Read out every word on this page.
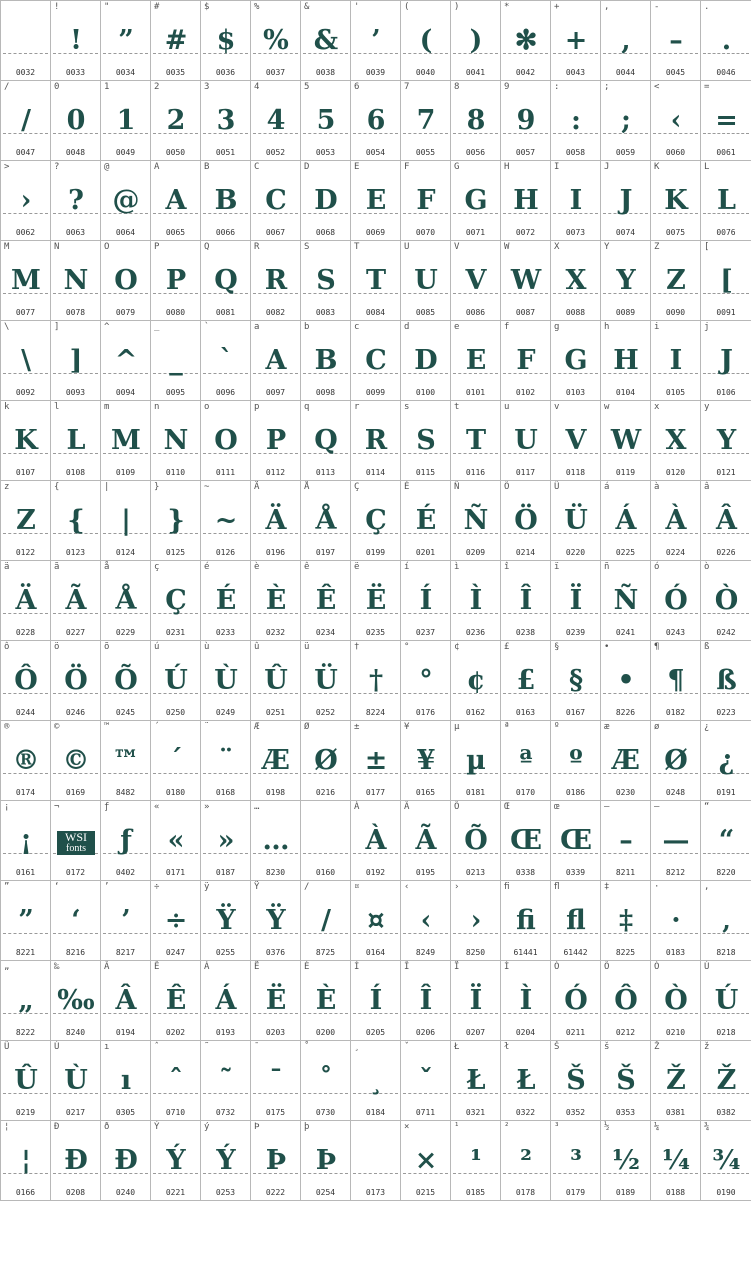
0032
!
!
0033
"
”
0034
#
#
0035
$
$
0036
%
%
0037
&
&
0038
'
’
0039
(
(
0040
)
)
0041
*
✻
0042
+
+
0043
,
,
0044
-
–
0045
.
.
0046
/
/
0047
0
0
0048
1
1
0049
2
2
0050
3
3
0051
4
4
0052
5
5
0053
6
6
0054
7
7
0055
8
8
0056
9
9
0057
:
:
0058
;
;
0059
<
‹
0060
=
=
0061
>
›
0062
?
?
0063
@
@
0064
A
A
0065
B
B
0066
C
C
0067
D
D
0068
E
E
0069
F
F
0070
G
G
0071
H
H
0072
I
I
0073
J
J
0074
K
K
0075
L
L
0076
M
M
0077
N
N
0078
O
O
0079
P
P
0080
Q
Q
0081
R
R
0082
S
S
0083
T
T
0084
U
U
0085
V
V
0086
W
W
0087
X
X
0088
Y
Y
0089
Z
Z
0090
[
[
0091
\
\
0092
]
]
0093
^
^
0094
_
_
0095
`
`
0096
a
A
0097
b
B
0098
c
C
0099
d
D
0100
e
E
0101
f
F
0102
g
G
0103
h
H
0104
i
I
0105
j
J
0106
k
K
0107
l
L
0108
m
M
0109
n
N
0110
o
O
0111
p
P
0112
q
Q
0113
r
R
0114
s
S
0115
t
T
0116
u
U
0117
v
V
0118
w
W
0119
x
X
0120
y
Y
0121
z
Z
0122
{
{
0123
|
|
0124
}
}
0125
~
~
0126
Ä
Ä
0196
Å
Å
0197
Ç
Ç
0199
É
É
0201
Ñ
Ñ
0209
Ö
Ö
0214
Ü
Ü
0220
á
Á
0225
à
À
0224
â
Â
0226
ä
Ä
0228
ã
Ã
0227
å
Å
0229
ç
Ç
0231
é
É
0233
è
È
0232
ê
Ê
0234
ë
Ë
0235
í
Í
0237
ì
Ì
0236
î
Î
0238
ï
Ï
0239
ñ
Ñ
0241
ó
Ó
0243
ò
Ò
0242
ô
Ô
0244
ö
Ö
0246
õ
Õ
0245
ú
Ú
0250
ù
Ù
0249
û
Û
0251
ü
Ü
0252
†
†
8224
°
°
0176
¢
¢
0162
£
£
0163
§
§
0167
•
•
8226
¶
¶
0182
ß
ß
0223
®
®
0174
©
©
0169
™
™
8482
´
´
0180
¨
¨
0168
Æ
Æ
0198
Ø
Ø
0216
±
±
0177
¥
¥
0165
µ
µ
0181
ª
ª
0170
º
º
0186
æ
Æ
0230
ø
Ø
0248
¿
¿
0191
¡
¡
0161
¬
WSI
fonts
0172
ƒ
ƒ
0402
«
«
0171
»
»
0187
…
…
8230	0160
À
À
0192
Ã
Ã
0195
Õ
Õ
0213
Œ
Œ
0338
œ
Œ
0339
–
–
8211
—
—
8212
“
“
8220
”
”
8221
‘
‘
8216
’
’
8217
÷
÷
0247
ÿ
Ÿ
0255
Ÿ
Ÿ
0376
/
/
8725
¤
¤
0164
‹
‹
8249
›
›
8250
ﬁ
ﬁ
61441
ﬂ
ﬂ
61442
‡
‡
8225
·
·
0183
‚
‚
8218
„
„
8222
‰
‰
8240
Â
Â
0194
Ê
Ê
0202
Á
Á
0193
Ë
Ë
0203
È
È
0200
Í
Í
0205
Î
Î
0206
Ï
Ï
0207
Ì
Ì
0204
Ó
Ó
0211
Ô
Ô
0212
Ò
Ò
0210
Ú
Ú
0218
Û
Û
0219
Ù
Ù
0217
ı
ı
0305
ˆ
ˆ
0710
˜
˜
0732
¯
¯
0175
˚
˚
0730
¸
¸
0184
ˇ
ˇ
0711
Ł
Ł
0321
ł
Ł
0322
Š
Š
0352
š
Š
0353
Ž
Ž
0381
ž
Ž
0382
¦
¦
0166
Ð
Ð
0208
ð
Ð
0240
Ý
Ý
0221
ý
Ý
0253
Þ
Þ
0222
þ
Þ
0254	0173
×
×
0215
¹
¹
0185
²
²
0178
³
³
0179
½
½
0189
¼
¼
0188
¾
¾
0190
